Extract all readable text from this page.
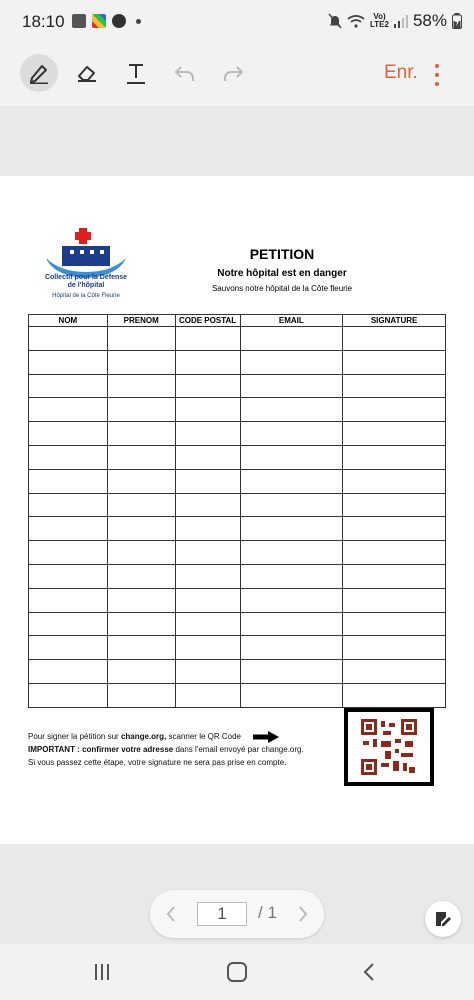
18:10	Vo)
LTE2 58%
Enr.
Collectif pour la Défense
de l'hôpital
Hôpital de la Côte Fleurie
PETITION
Notre hôpital est en danger
Sauvons notre hôpital de la Côte fleurie
NOM	PRENOM	CODE POSTAL	EMAIL	SIGNATURE

Pour signer la pétition sur change.org, scanner le QR Code
IMPORTANT : confirmer votre adresse dans l'email envoyé par change.org.
Si vous passez cette étape, votre signature ne sera pas prise en compte.
1	/ 1
